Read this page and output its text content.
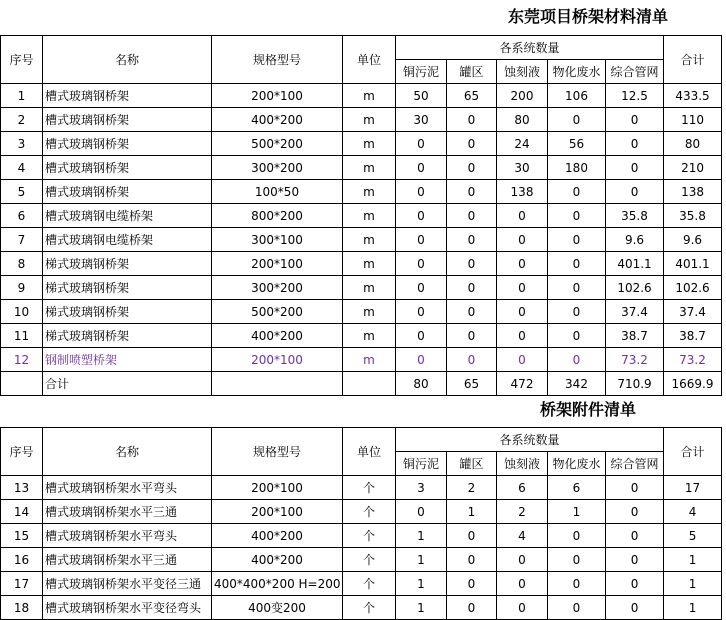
东莞项目桥架材料清单
序号	名称	规格型号	单位	各系统数量					合计
				铜污泥	罐区	蚀刻液	物化废水	综合管网	
1	槽式玻璃钢桥架	200*100	m	50	65	200	106	12.5	433.5
2	槽式玻璃钢桥架	400*200	m	30	0	80	0	0	110
3	槽式玻璃钢桥架	500*200	m	0	0	24	56	0	80
4	槽式玻璃钢桥架	300*200	m	0	0	30	180	0	210
5	槽式玻璃钢桥架	100*50	m	0	0	138	0	0	138
6	槽式玻璃钢电缆桥架	800*200	m	0	0	0	0	35.8	35.8
7	槽式玻璃钢电缆桥架	300*100	m	0	0	0	0	9.6	9.6
8	梯式玻璃钢桥架	200*100	m	0	0	0	0	401.1	401.1
9	梯式玻璃钢桥架	300*200	m	0	0	0	0	102.6	102.6
10	梯式玻璃钢桥架	500*200	m	0	0	0	0	37.4	37.4
11	梯式玻璃钢桥架	400*200	m	0	0	0	0	38.7	38.7
12	钢制喷塑桥架	200*100	m	0	0	0	0	73.2	73.2
	合计			80	65	472	342	710.9	1669.9
桥架附件清单
序号	名称	规格型号	单位	各系统数量					合计
				铜污泥	罐区	蚀刻液	物化废水	综合管网	
13	槽式玻璃钢桥架水平弯头	200*100	个	3	2	6	6	0	17
14	槽式玻璃钢桥架水平三通	200*100	个	0	1	2	1	0	4
15	槽式玻璃钢桥架水平弯头	400*200	个	1	0	4	0	0	5
16	槽式玻璃钢桥架水平三通	400*200	个	1	0	0	0	0	1
17	槽式玻璃钢桥架水平变径三通	400*400*200 H=200	个	1	0	0	0	0	1
18	槽式玻璃钢桥架水平变径弯头	400变200	个	1	0	0	0	0	1
